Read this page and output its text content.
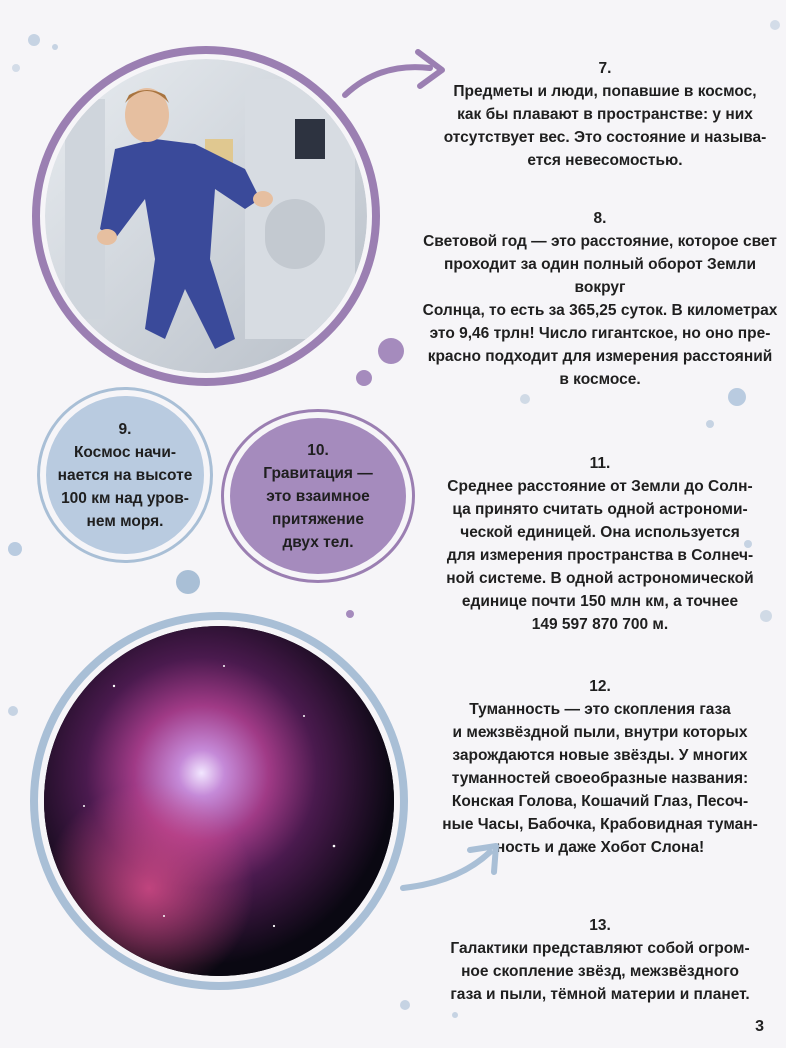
7.
Предметы и люди, попавшие в космос,
как бы плавают в пространстве: у них
отсутствует вес. Это состояние и называ-
ется невесомостью.
8.
Световой год — это расстояние, которое свет
проходит за один полный оборот Земли вокруг
Солнца, то есть за 365,25 суток. В километрах
это 9,46 трлн! Число гигантское, но оно пре-
красно подходит для измерения расстояний
в космосе.
9.
Космос начи-
нается на высоте
100 км над уров-
нем моря.
10.
Гравитация —
это взаимное
притяжение
двух тел.
11.
Среднее расстояние от Земли до Солн-
ца принято считать одной астрономи-
ческой единицей. Она используется
для измерения пространства в Солнеч-
ной системе. В одной астрономической
единице почти 150 млн км, а точнее
149 597 870 700 м.
12.
Туманность — это скопления газа
и межзвёздной пыли, внутри которых
зарождаются новые звёзды. У многих
туманностей своеобразные названия:
Конская Голова, Кошачий Глаз, Песоч-
ные Часы, Бабочка, Крабовидная туман-
ность и даже Хобот Слона!
13.
Галактики представляют собой огром-
ное скопление звёзд, межзвёздного
газа и пыли, тёмной материи и планет.
3
